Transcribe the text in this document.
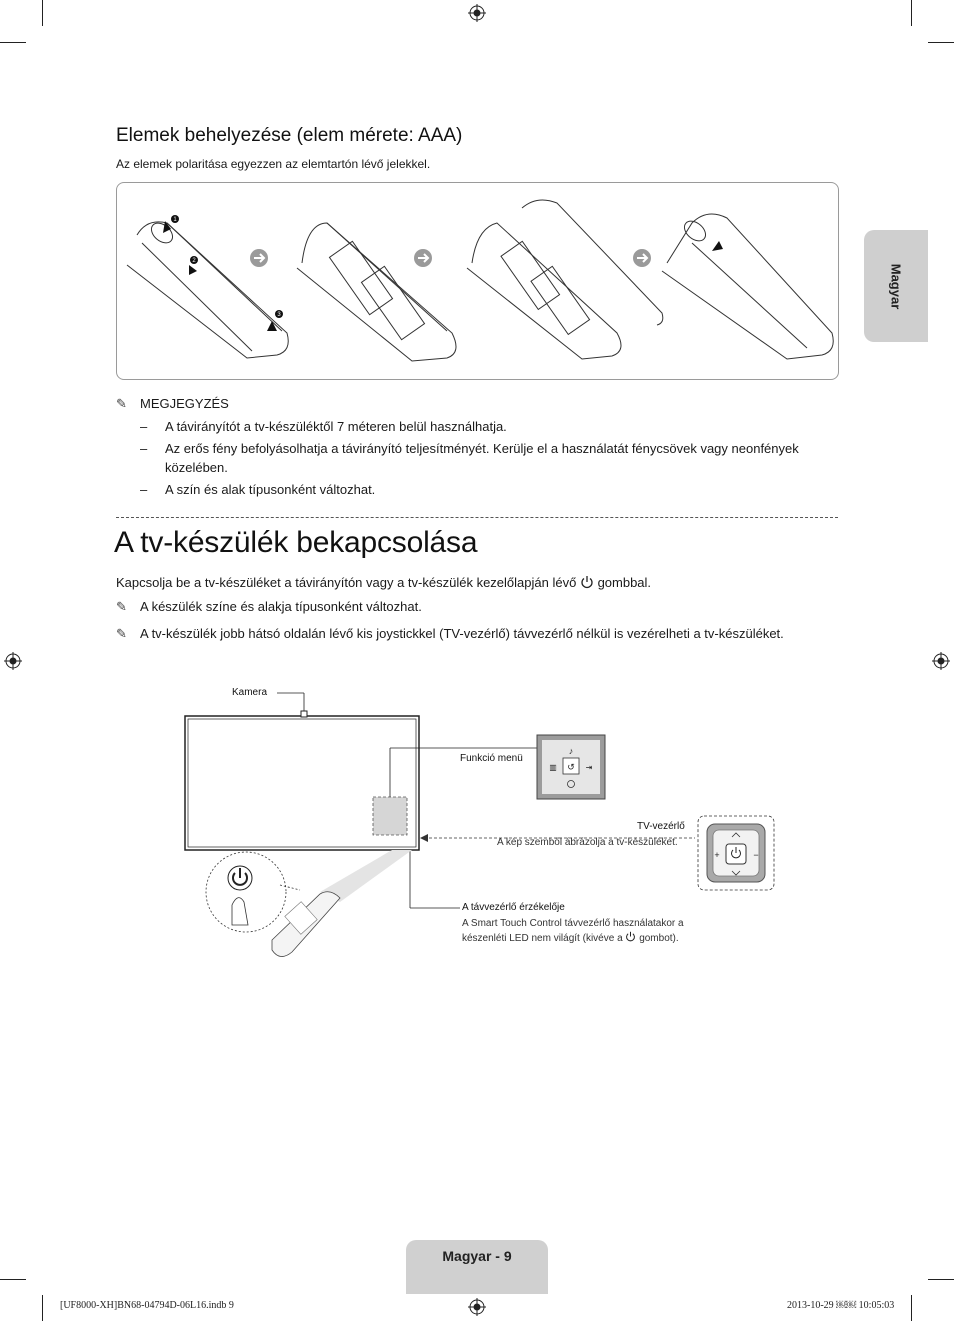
Magyar
Elemek behelyezése (elem mérete: AAA)
Az elemek polaritása egyezzen az elemtartón lévő jelekkel.
1
2
3
✎ MEGJEGYZÉS
– A távirányítót a tv-készüléktől 7 méteren belül használhatja.
– Az erős fény befolyásolhatja a távirányító teljesítményét. Kerülje el a használatát fénycsövek vagy neonfények
közelében.
– A szín és alak típusonként változhat.
A tv-készülék bekapcsolása
Kapcsolja be a tv-készüléket a távirányítón vagy a tv-készülék kezelőlapján lévő gombbal.
✎ A készülék színe és alakja típusonként változhat.
✎ A tv-készülék jobb hátsó oldalán lévő kis joystickkel (TV-vezérlő) távvezérlő nélkül is vezérelheti a tv-készüléket.
↺
♪
▥	⇥
+	−
Kamera
Funkció menü
TV-vezérlő
A kép szemből ábrázolja a tv-készüléket.
A távvezérlő érzékelője
A Smart Touch Control távvezérlő használatakor a
készenléti LED nem világít (kivéve a gombot).
Magyar - 9
[UF8000-XH]BN68-04794D-06L16.indb 9	2013-10-29 ￼￼ 10:05:03
